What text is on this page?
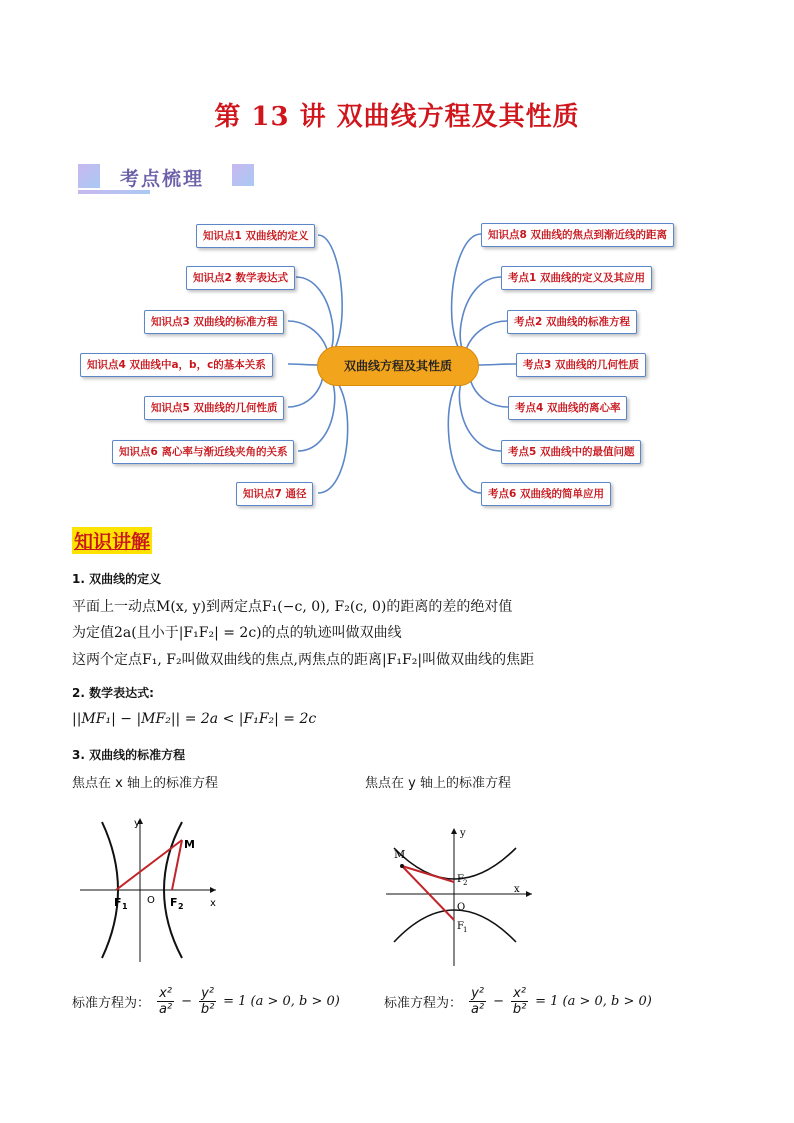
第 13 讲 双曲线方程及其性质
考点梳理
知识点1 双曲线的定义
知识点2 数学表达式
知识点3 双曲线的标准方程
知识点4 双曲线中a，b，c的基本关系
知识点5 双曲线的几何性质
知识点6 离心率与渐近线夹角的关系
知识点7 通径
知识点8 双曲线的焦点到渐近线的距离
考点1 双曲线的定义及其应用
考点2 双曲线的标准方程
考点3 双曲线的几何性质
考点4 双曲线的离心率
考点5 双曲线中的最值问题
考点6 双曲线的简单应用
双曲线方程及其性质
知识讲解
1. 双曲线的定义
平面上一动点M(x, y)到两定点F₁(−c, 0), F₂(c, 0)的距离的差的绝对值
为定值2a(且小于|F₁F₂| = 2c)的点的轨迹叫做双曲线
这两个定点F₁, F₂叫做双曲线的焦点,两焦点的距离|F₁F₂|叫做双曲线的焦距
2. 数学表达式:
||MF₁| − |MF₂|| = 2a < |F₁F₂| = 2c
3. 双曲线的标准方程
焦点在 x 轴上的标准方程	焦点在 y 轴上的标准方程
y
x
M
F 1
O F 2
y
x
M
F 2
O
F 1
标准方程为： $\frac{\text{x²}}{\text{a²}} - \frac{\text{y²}}{\text{b²}} = 1$ (a > 0, b > 0)	标准方程为： $\frac{\text{y²}}{\text{a²}} - \frac{\text{x²}}{\text{b²}} = 1$ (a > 0, b > 0)
